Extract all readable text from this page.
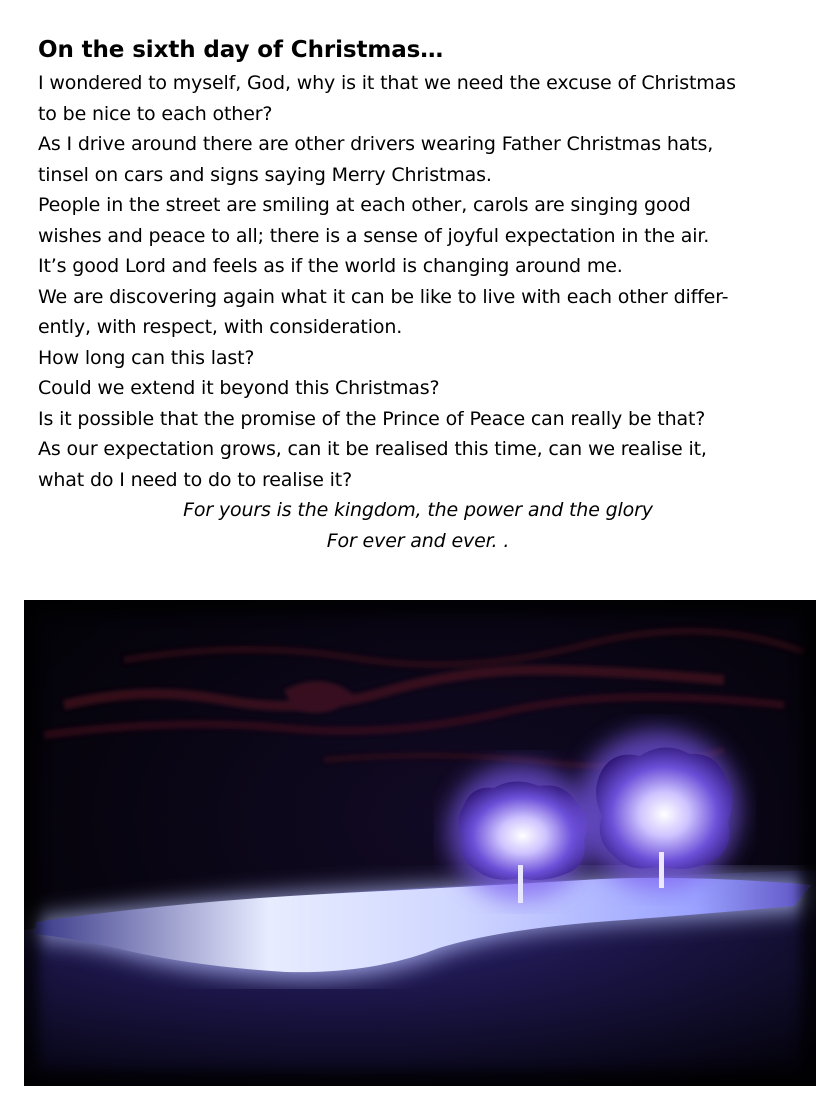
On the sixth day of Christmas…
I wondered to myself, God, why is it that we need the excuse of Christmas
to be nice to each other?
As I drive around there are other drivers wearing Father Christmas hats,
tinsel on cars and signs saying Merry Christmas.
People in the street are smiling at each other, carols are singing good
wishes and peace to all; there is a sense of joyful expectation in the air.
It’s good Lord and feels as if the world is changing around me.
We are discovering again what it can be like to live with each other differ-
ently, with respect, with consideration.
How long can this last?
Could we extend it beyond this Christmas?
Is it possible that the promise of the Prince of Peace can really be that?
As our expectation grows, can it be realised this time, can we realise it,
what do I need to do to realise it?
For yours is the kingdom, the power and the glory
For ever and ever. .
